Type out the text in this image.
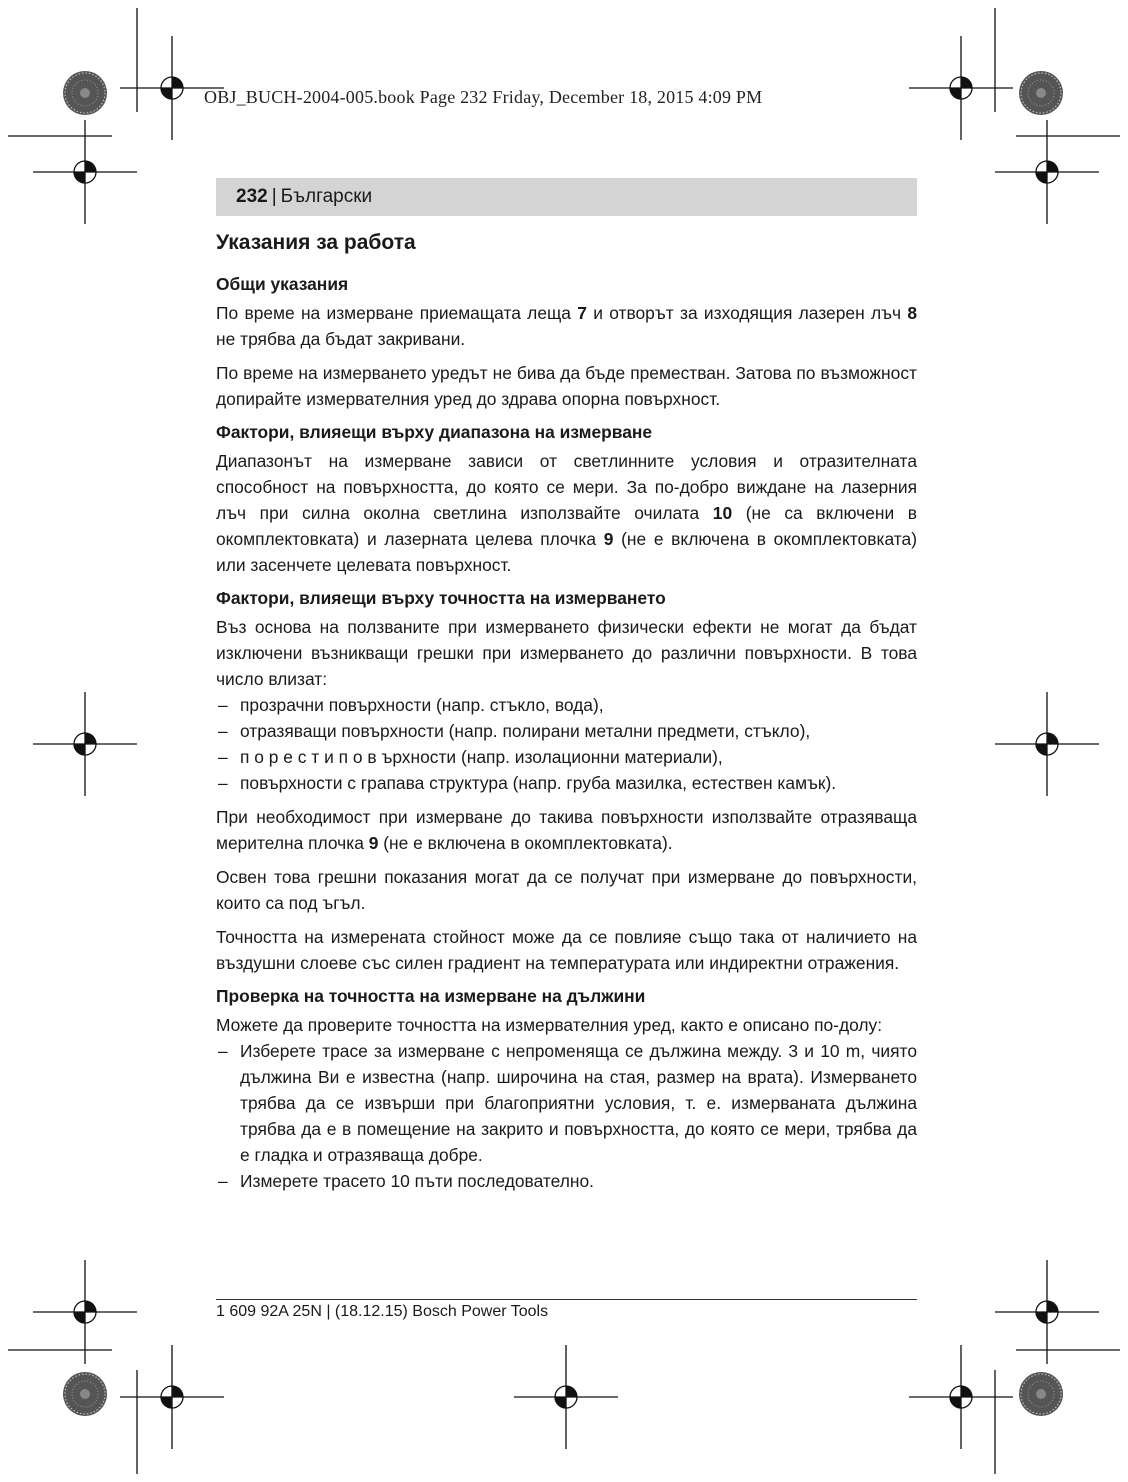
OBJ_BUCH-2004-005.book Page 232 Friday, December 18, 2015 4:09 PM
232 | Български
Указания за работа
Общи указания

По време на измерване приемащата леща 7 и отворът за изходящия лазерен лъч 8 не трябва да бъдат закривани.

По време на измерването уредът не бива да бъде преместван. Затова по възможност допирайте измервателния уред до здрава опорна повърхност.

Фактори, влияещи върху диапазона на измерване

Диапазонът на измерване зависи от светлинните условия и отразителната способност на повърхността, до която се мери. За по-добро виждане на лазерния лъч при силна околна светлина използвайте очилата 10 (не са включени в окомплектовката) и лазерната целева плочка 9 (не е включена в окомплектовката) или засенчете целевата повърхност.

Фактори, влияещи върху точността на измерването

Въз основа на ползваните при измерването физически ефекти не могат да бъдат изключени възникващи грешки при измерването до различни повърхности. В това число влизат:

– прозрачни повърхности (напр. стъкло, вода),
– отразяващи повърхности (напр. полирани метални предмети, стъкло),
– п о р е с т и п о в ърхности (напр. изолационни материали),
– повърхности с грапава структура (напр. груба мазилка, естествен камък).

При необходимост при измерване до такива повърхности използвайте отразяваща мерителна плочка 9 (не е включена в окомплектовката).

Освен това грешни показания могат да се получат при измерване до повърхности, които са под ъгъл.

Точността на измерената стойност може да се повлияе също така от наличието на въздушни слоеве със силен градиент на температурата или индиректни отражения.

Проверка на точността на измерване на дължини

Можете да проверите точността на измервателния уред, както е описано по-долу:

– Изберете трасе за измерване с непроменяща се дължина между. 3 и 10 m, чиято дължина Ви е известна (напр. широчина на стая, размер на врата). Измерването трябва да се извърши при благоприятни условия, т. е. измерваната дължина трябва да е в помещение на закрито и повърхността, до която се мери, трябва да е гладка и отразяваща добре.
– Измерете трасето 10 пъти последователно.
1 609 92A 25N | (18.12.15) Bosch Power Tools
